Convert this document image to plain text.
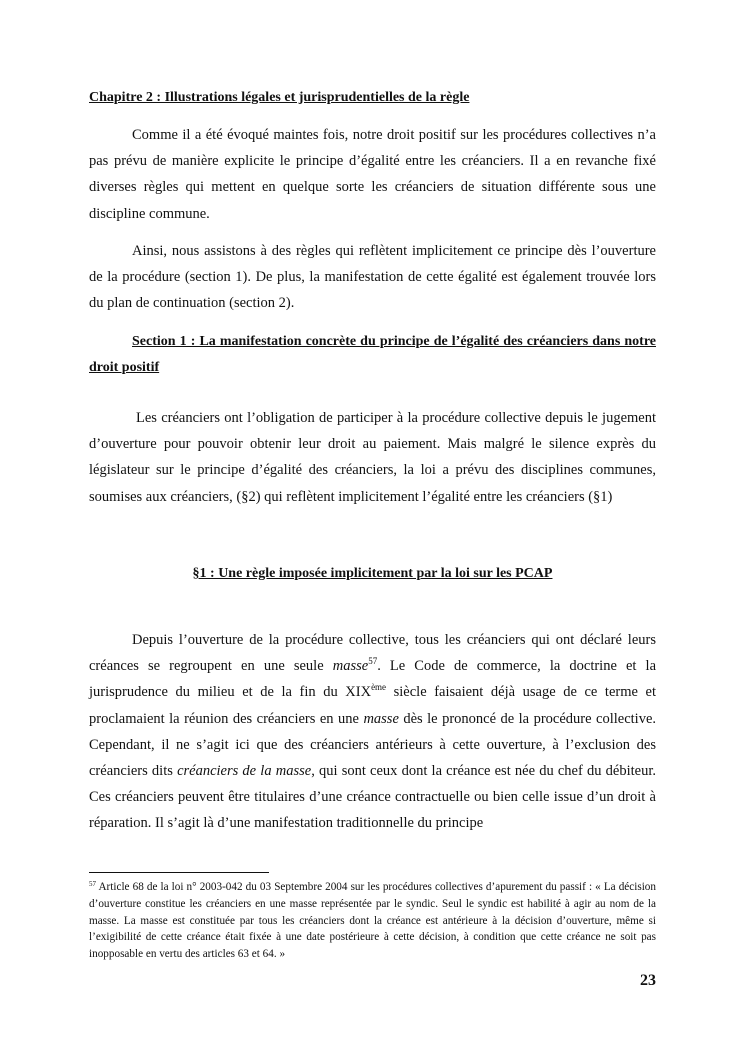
Chapitre 2 : Illustrations légales et jurisprudentielles de la règle

Comme il a été évoqué maintes fois, notre droit positif sur les procédures collectives n’a pas prévu de manière explicite le principe d’égalité entre les créanciers. Il a en revanche fixé diverses règles qui mettent en quelque sorte les créanciers de situation différente sous une discipline commune.

Ainsi, nous assistons à des règles qui reflètent implicitement ce principe dès l’ouverture de la procédure (section 1). De plus, la manifestation de cette égalité est également trouvée lors du plan de continuation (section 2).

Section 1 : La manifestation concrète du principe de l’égalité des créanciers dans notre droit positif

Les créanciers ont l’obligation de participer à la procédure collective depuis le jugement d’ouverture pour pouvoir obtenir leur droit au paiement. Mais malgré le silence exprès du législateur sur le principe d’égalité des créanciers, la loi a prévu des disciplines communes, soumises aux créanciers, (§2) qui reflètent implicitement l’égalité entre les créanciers (§1)

§1 : Une règle imposée implicitement par la loi sur les PCAP

Depuis l’ouverture de la procédure collective, tous les créanciers qui ont déclaré leurs créances se regroupent en une seule masse$^{57}$. Le Code de commerce, la doctrine et la jurisprudence du milieu et de la fin du XIXème siècle faisaient déjà usage de ce terme et proclamaient la réunion des créanciers en une masse dès le prononcé de la procédure collective. Cependant, il ne s’agit ici que des créanciers antérieurs à cette ouverture, à l’exclusion des créanciers dits créanciers de la masse, qui sont ceux dont la créance est née du chef du débiteur. Ces créanciers peuvent être titulaires d’une créance contractuelle ou bien celle issue d’un droit à réparation. Il s’agit là d’une manifestation traditionnelle du principe

$^{57}$ Article 68 de la loi n° 2003-042 du 03 Septembre 2004 sur les procédures collectives d’apurement du passif : « La décision d’ouverture constitue les créanciers en une masse représentée par le syndic. Seul le syndic est habilité à agir au nom de la masse. La masse est constituée par tous les créanciers dont la créance est antérieure à la décision d’ouverture, même si l’exigibilité de cette créance était fixée à une date postérieure à cette décision, à condition que cette créance ne soit pas inopposable en vertu des articles 63 et 64. »

23
